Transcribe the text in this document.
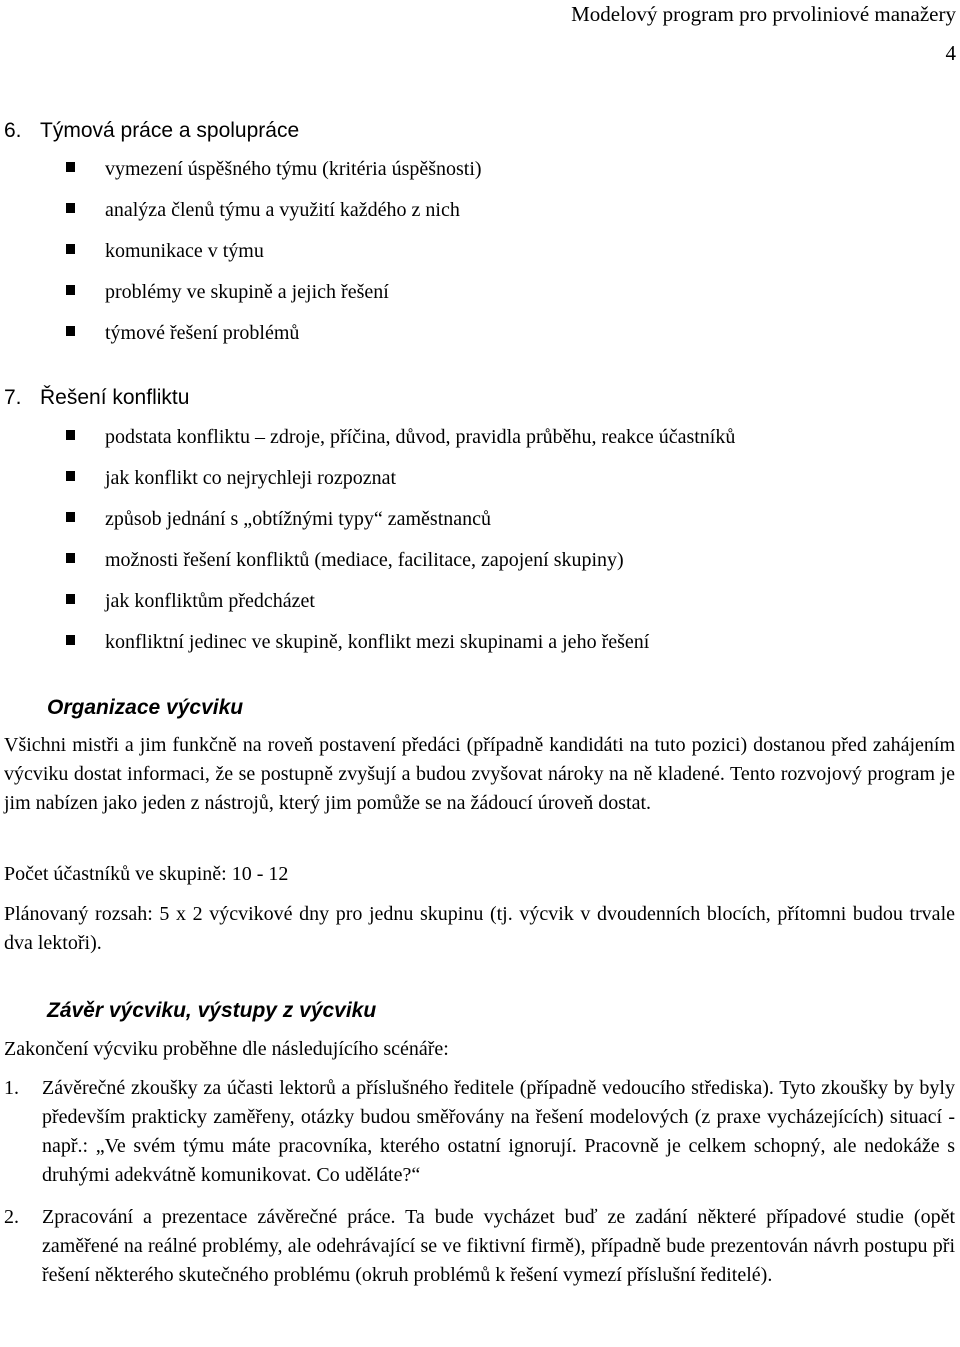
Modelový program pro prvoliniové manažery
4
6. Týmová práce a spolupráce
vymezení úspěšného týmu (kritéria úspěšnosti)
analýza členů týmu a využití každého z nich
komunikace v týmu
problémy ve skupině a jejich řešení
týmové řešení problémů
7. Řešení konfliktu
podstata konfliktu – zdroje, příčina, důvod, pravidla průběhu, reakce účastníků
jak konflikt co nejrychleji rozpoznat
způsob jednání s „obtížnými typy“ zaměstnanců
možnosti řešení konfliktů (mediace, facilitace, zapojení skupiny)
jak konfliktům předcházet
konfliktní jedinec ve skupině, konflikt mezi skupinami a jeho řešení
Organizace výcviku

Všichni mistři a jim funkčně na roveň postavení předáci (případně kandidáti na tuto pozici) dostanou před zahájením výcviku dostat informaci, že se postupně zvyšují a budou zvyšovat nároky na ně kladené. Tento rozvojový program je jim nabízen jako jeden z nástrojů, který jim pomůže se na žádoucí úroveň dostat.

Počet účastníků ve skupině: 10 - 12

Plánovaný rozsah: 5 x 2 výcvikové dny pro jednu skupinu (tj. výcvik v dvoudenních blocích, přítomni budou trvale dva lektoři).

Závěr výcviku, výstupy z výcviku

Zakončení výcviku proběhne dle následujícího scénáře:

1. Závěrečné zkoušky za účasti lektorů a příslušného ředitele (případně vedoucího střediska). Tyto zkoušky by byly především prakticky zaměřeny, otázky budou směřovány na řešení modelových (z praxe vycházejících) situací - např.: „Ve svém týmu máte pracovníka, kterého ostatní ignorují. Pracovně je celkem schopný, ale nedokáže s druhými adekvátně komunikovat. Co uděláte?“
2. Zpracování a prezentace závěrečné práce. Ta bude vycházet buď ze zadání některé případové studie (opět zaměřené na reálné problémy, ale odehrávající se ve fiktivní firmě), případně bude prezentován návrh postupu při řešení některého skutečného problému (okruh problémů k řešení vymezí příslušní ředitelé).
